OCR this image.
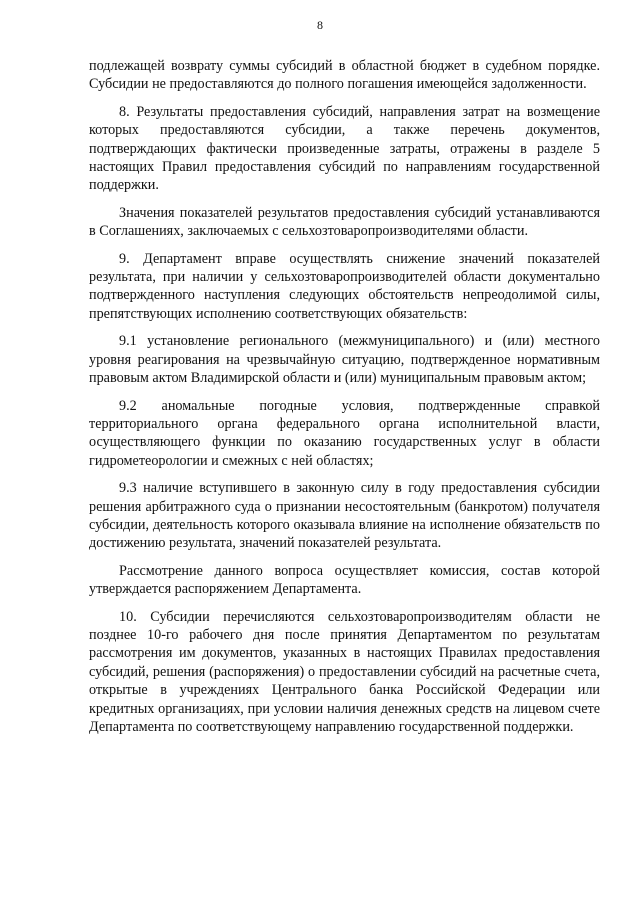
8

подлежащей возврату суммы субсидий в областной бюджет в судебном порядке. Субсидии не предоставляются до полного погашения имеющейся задолженности.

8. Результаты предоставления субсидий, направления затрат на возмещение которых предоставляются субсидии, а также перечень документов, подтверждающих фактически произведенные затраты, отражены в разделе 5 настоящих Правил предоставления субсидий по направлениям государственной поддержки.

Значения показателей результатов предоставления субсидий устанавливаются в Соглашениях, заключаемых с сельхозтоваропроизводителями области.

9. Департамент вправе осуществлять снижение значений показателей результата, при наличии у сельхозтоваропроизводителей области документально подтвержденного наступления следующих обстоятельств непреодолимой силы, препятствующих исполнению соответствующих обязательств:

9.1 установление регионального (межмуниципального) и (или) местного уровня реагирования на чрезвычайную ситуацию, подтвержденное нормативным правовым актом Владимирской области и (или) муниципальным правовым актом;

9.2 аномальные погодные условия, подтвержденные справкой территориального органа федерального органа исполнительной власти, осуществляющего функции по оказанию государственных услуг в области гидрометеорологии и смежных с ней областях;

9.3 наличие вступившего в законную силу в году предоставления субсидии решения арбитражного суда о признании несостоятельным (банкротом) получателя субсидии, деятельность которого оказывала влияние на исполнение обязательств по достижению результата, значений показателей результата.

Рассмотрение данного вопроса осуществляет комиссия, состав которой утверждается распоряжением Департамента.

10. Субсидии перечисляются сельхозтоваропроизводителям области не позднее 10-го рабочего дня после принятия Департаментом по результатам рассмотрения им документов, указанных в настоящих Правилах предоставления субсидий, решения (распоряжения) о предоставлении субсидий на расчетные счета, открытые в учреждениях Центрального банка Российской Федерации или кредитных организациях, при условии наличия денежных средств на лицевом счете Департамента по соответствующему направлению государственной поддержки.
